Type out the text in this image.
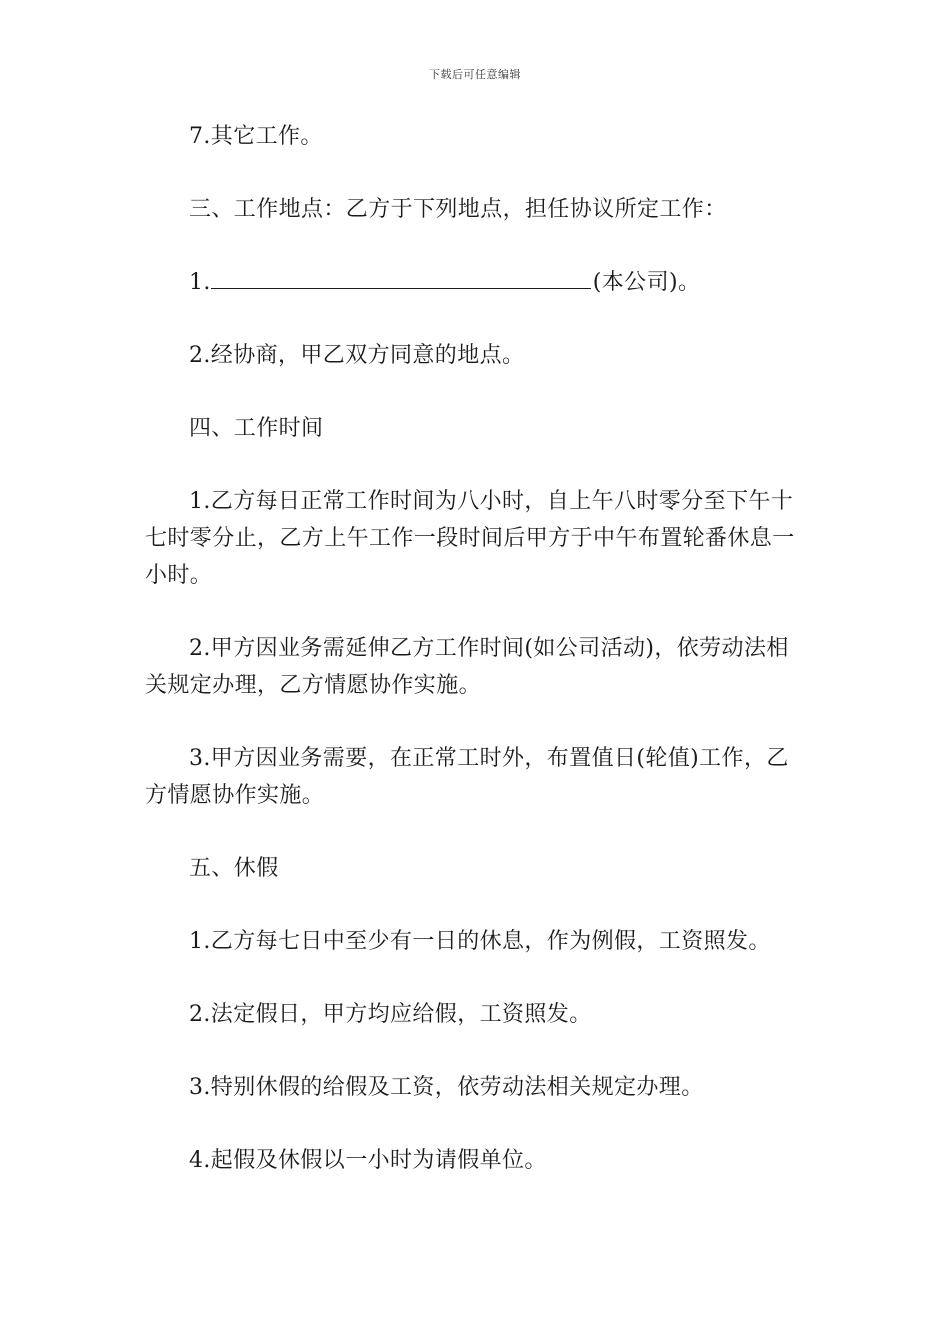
下载后可任意编辑

7.其它工作。

三、工作地点：乙方于下列地点，担任协议所定工作：

1.	(本公司)。

2.经协商，甲乙双方同意的地点。

四、工作时间

1.乙方每日正常工作时间为八小时，自上午八时零分至下午十七时零分止，乙方上午工作一段时间后甲方于中午布置轮番休息一小时。

2.甲方因业务需延伸乙方工作时间(如公司活动)，依劳动法相关规定办理，乙方情愿协作实施。

3.甲方因业务需要，在正常工时外，布置值日(轮值)工作，乙方情愿协作实施。

五、休假

1.乙方每七日中至少有一日的休息，作为例假，工资照发。

2.法定假日，甲方均应给假，工资照发。

3.特别休假的给假及工资，依劳动法相关规定办理。

4.起假及休假以一小时为请假单位。
